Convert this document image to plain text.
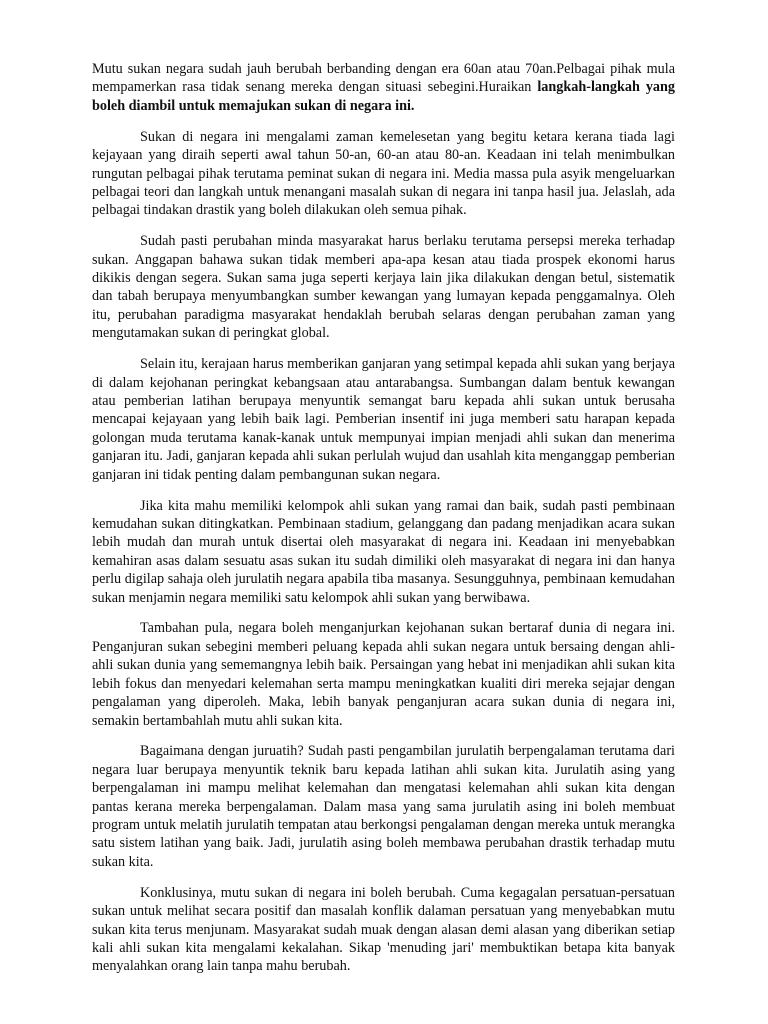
Mutu sukan negara sudah jauh berubah berbanding dengan era 60an atau 70an.Pelbagai pihak mula mempamerkan rasa tidak senang mereka dengan situasi sebegini.Huraikan langkah-langkah yang boleh diambil untuk memajukan sukan di negara ini.

Sukan di negara ini mengalami zaman kemelesetan yang begitu ketara kerana tiada lagi kejayaan yang diraih seperti awal tahun 50-an, 60-an atau 80-an. Keadaan ini telah menimbulkan rungutan pelbagai pihak terutama peminat sukan di negara ini. Media massa pula asyik mengeluarkan pelbagai teori dan langkah untuk menangani masalah sukan di negara ini tanpa hasil jua. Jelaslah, ada pelbagai tindakan drastik yang boleh dilakukan oleh semua pihak.

Sudah pasti perubahan minda masyarakat harus berlaku terutama persepsi mereka terhadap sukan. Anggapan bahawa sukan tidak memberi apa-apa kesan atau tiada prospek ekonomi harus dikikis dengan segera. Sukan sama juga seperti kerjaya lain jika dilakukan dengan betul, sistematik dan tabah berupaya menyumbangkan sumber kewangan yang lumayan kepada penggamalnya. Oleh itu, perubahan paradigma masyarakat hendaklah berubah selaras dengan perubahan zaman yang mengutamakan sukan di peringkat global.

Selain itu, kerajaan harus memberikan ganjaran yang setimpal kepada ahli sukan yang berjaya di dalam kejohanan peringkat kebangsaan atau antarabangsa. Sumbangan dalam bentuk kewangan atau pemberian latihan berupaya menyuntik semangat baru kepada ahli sukan untuk berusaha mencapai kejayaan yang lebih baik lagi. Pemberian insentif ini juga memberi satu harapan kepada golongan muda terutama kanak-kanak untuk mempunyai impian menjadi ahli sukan dan menerima ganjaran itu. Jadi, ganjaran kepada ahli sukan perlulah wujud dan usahlah kita menganggap pemberian ganjaran ini tidak penting dalam pembangunan sukan negara.

Jika kita mahu memiliki kelompok ahli sukan yang ramai dan baik, sudah pasti pembinaan kemudahan sukan ditingkatkan. Pembinaan stadium, gelanggang dan padang menjadikan acara sukan lebih mudah dan murah untuk disertai oleh masyarakat di negara ini. Keadaan ini menyebabkan kemahiran asas dalam sesuatu asas sukan itu sudah dimiliki oleh masyarakat di negara ini dan hanya perlu digilap sahaja oleh jurulatih negara apabila tiba masanya. Sesungguhnya, pembinaan kemudahan sukan menjamin negara memiliki satu kelompok ahli sukan yang berwibawa.

Tambahan pula, negara boleh menganjurkan kejohanan sukan bertaraf dunia di negara ini. Penganjuran sukan sebegini memberi peluang kepada ahli sukan negara untuk bersaing dengan ahli-ahli sukan dunia yang sememangnya lebih baik. Persaingan yang hebat ini menjadikan ahli sukan kita lebih fokus dan menyedari kelemahan serta mampu meningkatkan kualiti diri mereka sejajar dengan pengalaman yang diperoleh. Maka, lebih banyak penganjuran acara sukan dunia di negara ini, semakin bertambahlah mutu ahli sukan kita.

Bagaimana dengan juruatih? Sudah pasti pengambilan jurulatih berpengalaman terutama dari negara luar berupaya menyuntik teknik baru kepada latihan ahli sukan kita. Jurulatih asing yang berpengalaman ini mampu melihat kelemahan dan mengatasi kelemahan ahli sukan kita dengan pantas kerana mereka berpengalaman. Dalam masa yang sama jurulatih asing ini boleh membuat program untuk melatih jurulatih tempatan atau berkongsi pengalaman dengan mereka untuk merangka satu sistem latihan yang baik. Jadi, jurulatih asing boleh membawa perubahan drastik terhadap mutu sukan kita.

Konklusinya, mutu sukan di negara ini boleh berubah. Cuma kegagalan persatuan-persatuan sukan untuk melihat secara positif dan masalah konflik dalaman persatuan yang menyebabkan mutu sukan kita terus menjunam. Masyarakat sudah muak dengan alasan demi alasan yang diberikan setiap kali ahli sukan kita mengalami kekalahan. Sikap 'menuding jari' membuktikan betapa kita banyak menyalahkan orang lain tanpa mahu berubah.
